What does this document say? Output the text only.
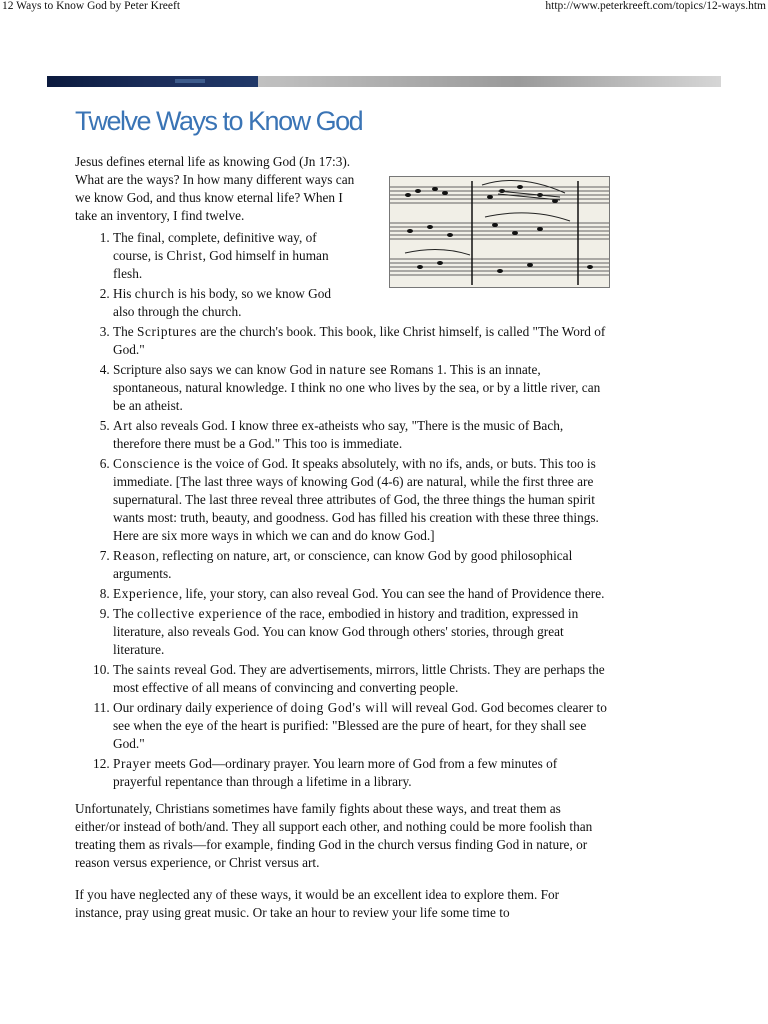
12 Ways to Know God by Peter Kreeft	http://www.peterkreeft.com/topics/12-ways.htm
Twelve Ways to Know God

Jesus defines eternal life as knowing God (Jn 17:3). What are the ways? In how many different ways can we know God, and thus know eternal life? When I take an inventory, I find twelve.

1. The final, complete, definitive way, of course, is Christ, God himself in human flesh.
2. His church is his body, so we know God also through the church.
3. The Scriptures are the church's book. This book, like Christ himself, is called "The Word of God."
4. Scripture also says we can know God in nature see Romans 1. This is an innate, spontaneous, natural knowledge. I think no one who lives by the sea, or by a little river, can be an atheist.
5. Art also reveals God. I know three ex-atheists who say, "There is the music of Bach, therefore there must be a God." This too is immediate.
6. Conscience is the voice of God. It speaks absolutely, with no ifs, ands, or buts. This too is immediate. [The last three ways of knowing God (4-6) are natural, while the first three are supernatural. The last three reveal three attributes of God, the three things the human spirit wants most: truth, beauty, and goodness. God has filled his creation with these three things. Here are six more ways in which we can and do know God.]
7. Reason, reflecting on nature, art, or conscience, can know God by good philosophical arguments.
8. Experience, life, your story, can also reveal God. You can see the hand of Providence there.
9. The collective experience of the race, embodied in history and tradition, expressed in literature, also reveals God. You can know God through others' stories, through great literature.
10. The saints reveal God. They are advertisements, mirrors, little Christs. They are perhaps the most effective of all means of convincing and converting people.
11. Our ordinary daily experience of doing God's will will reveal God. God becomes clearer to see when the eye of the heart is purified: "Blessed are the pure of heart, for they shall see God."
12. Prayer meets God—ordinary prayer. You learn more of God from a few minutes of prayerful repentance than through a lifetime in a library.

Unfortunately, Christians sometimes have family fights about these ways, and treat them as either/or instead of both/and. They all support each other, and nothing could be more foolish than treating them as rivals—for example, finding God in the church versus finding God in nature, or reason versus experience, or Christ versus art.

If you have neglected any of these ways, it would be an excellent idea to explore them. For instance, pray using great music. Or take an hour to review your life some time to
